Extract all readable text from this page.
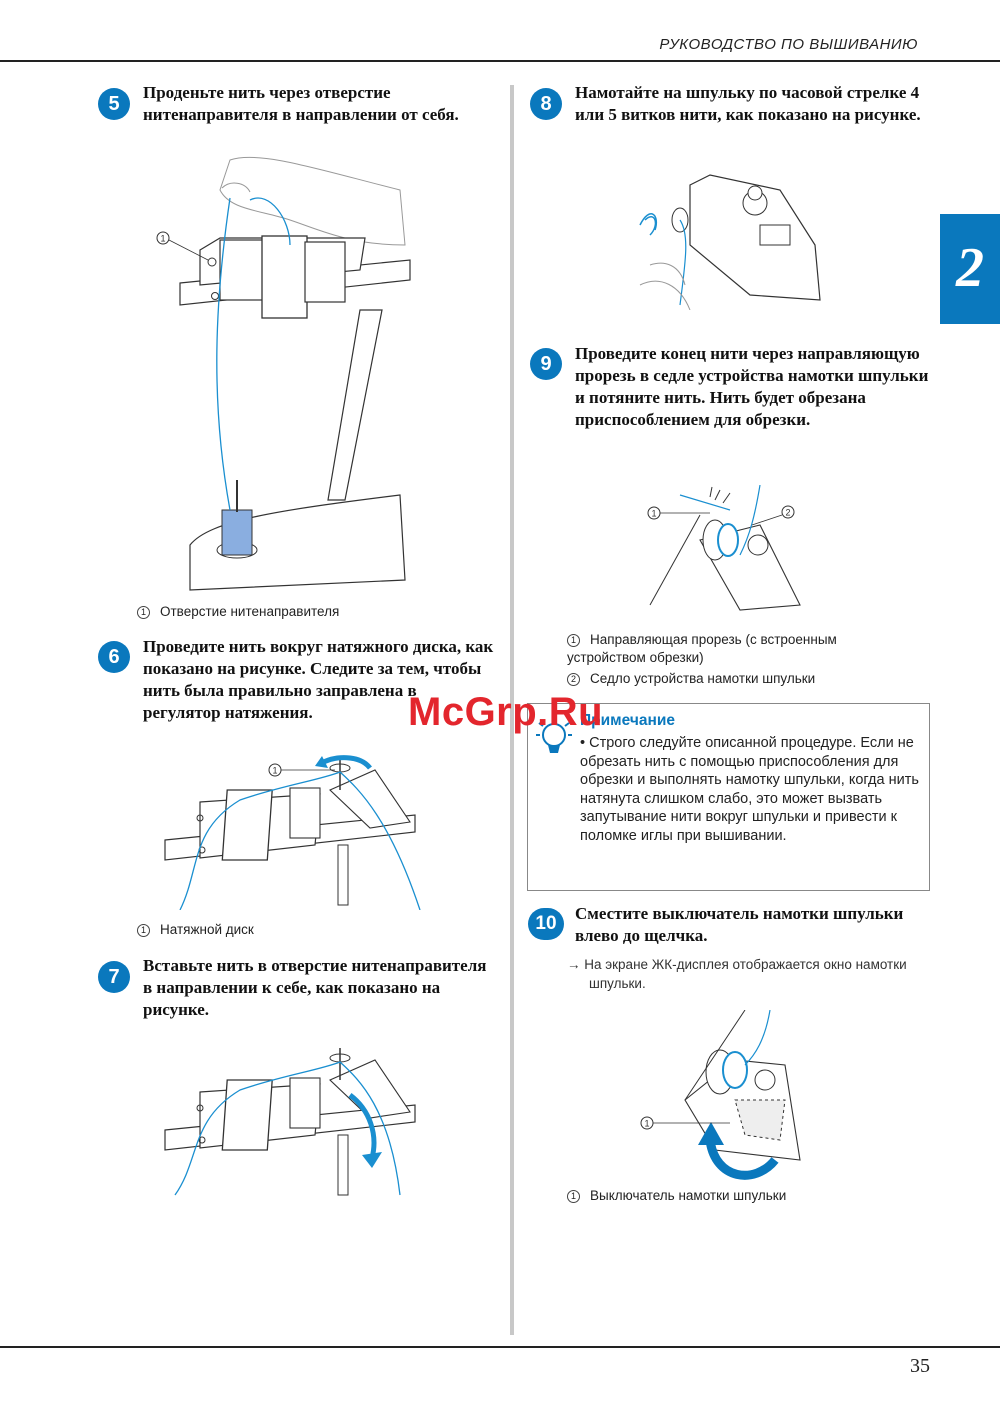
РУКОВОДСТВО ПО ВЫШИВАНИЮ
2
5
Проденьте нить через отверстие нитенаправителя в направлении от себя.
1
1 Отверстие нитенаправителя
6	Проведите нить вокруг натяжного диска, как показано на рисунке. Следите за тем, чтобы нить была правильно заправлена в регулятор натяжения.
1
1 Натяжной диск
7
Вставьте нить в отверстие нитенаправителя в направлении к себе, как показано на рисунке.
8
Намотайте на шпульку по часовой стрелке 4 или 5 витков нити, как показано на рисунке.
9	Проведите конец нити через направляющую прорезь в седле устройства намотки шпульки и потяните нить. Нить будет обрезана приспособлением для обрезки.
1	2
1 Направляющая прорезь (с встроенным устройством обрезки)
2 Седло устройства намотки шпульки
Примечание
• Строго следуйте описанной процедуре. Если не обрезать нить с помощью приспособления для обрезки и выполнять намотку шпульки, когда нить натянута слишком слабо, это может вызвать запутывание нити вокруг шпульки и привести к поломке иглы при вышивании.
10	Сместите выключатель намотки шпульки влево до щелчка.
→ На экране ЖК-дисплея отображается окно намотки шпульки.
1
1 Выключатель намотки шпульки
McGrp.Ru
35
